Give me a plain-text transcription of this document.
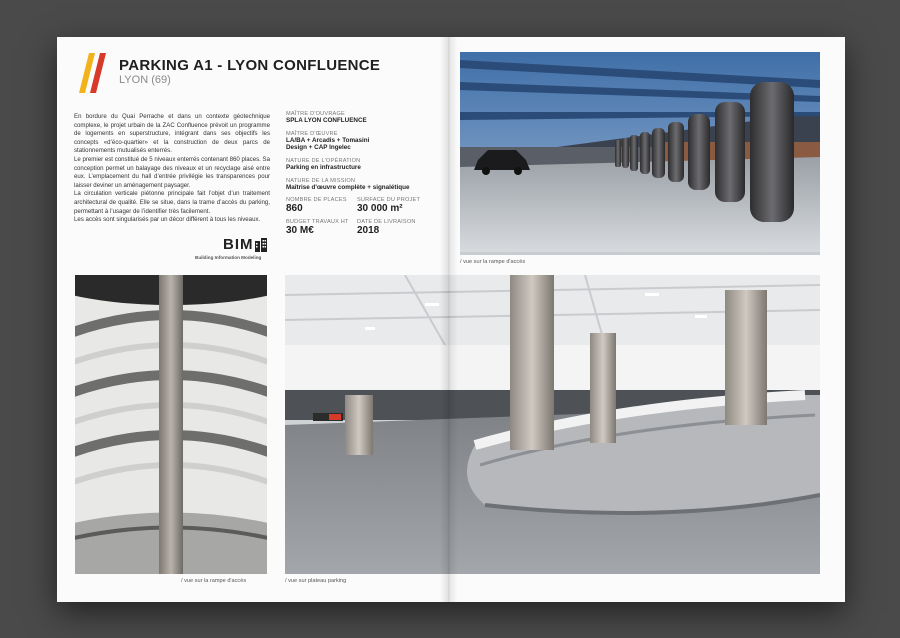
PARKING A1 - LYON CONFLUENCE
LYON (69)

En bordure du Quai Perrache et dans un contexte géotechnique complexe, le projet urbain de la ZAC Confluence prévoit un programme de logements en superstructure, intégrant dans ses objectifs les concepts «d’éco-quartier» et la construction de deux parcs de stationnements mutualisés enterrés.

Le premier est constitué de 5 niveaux enterrés contenant 860 places. Sa conception permet un balayage des niveaux et un recyclage aisé entre eux. L’emplacement du hall d’entrée privilégie les transparences pour laisser deviner un aménagement paysager.

La circulation verticale piétonne principale fait l’objet d’un traitement architectural de qualité. Elle se situe, dans la trame d’accès du parking, permettant à l’usager de l’identifier très facilement.

Les accès sont singularisés par un décor différent à tous les niveaux.

MAÎTRE D'OUVRAGE
SPLA LYON CONFLUENCE
MAÎTRE D'ŒUVRE
LA/BA + Arcadis + Tomasini Design + CAP Ingelec
NATURE DE L'OPÉRATION
Parking en infrastructure
NATURE DE LA MISSION
Maîtrise d'œuvre complète + signalétique
NOMBRE DE PLACES
860
SURFACE DU PROJET
30 000 m²
BUDGET TRAVAUX HT
30 M€
DATE DE LIVRAISON
2018
BIM
Building Information Modeling
/ vue sur la rampe d'accès
/ vue sur la rampe d'accès	/ vue sur plateau parking
